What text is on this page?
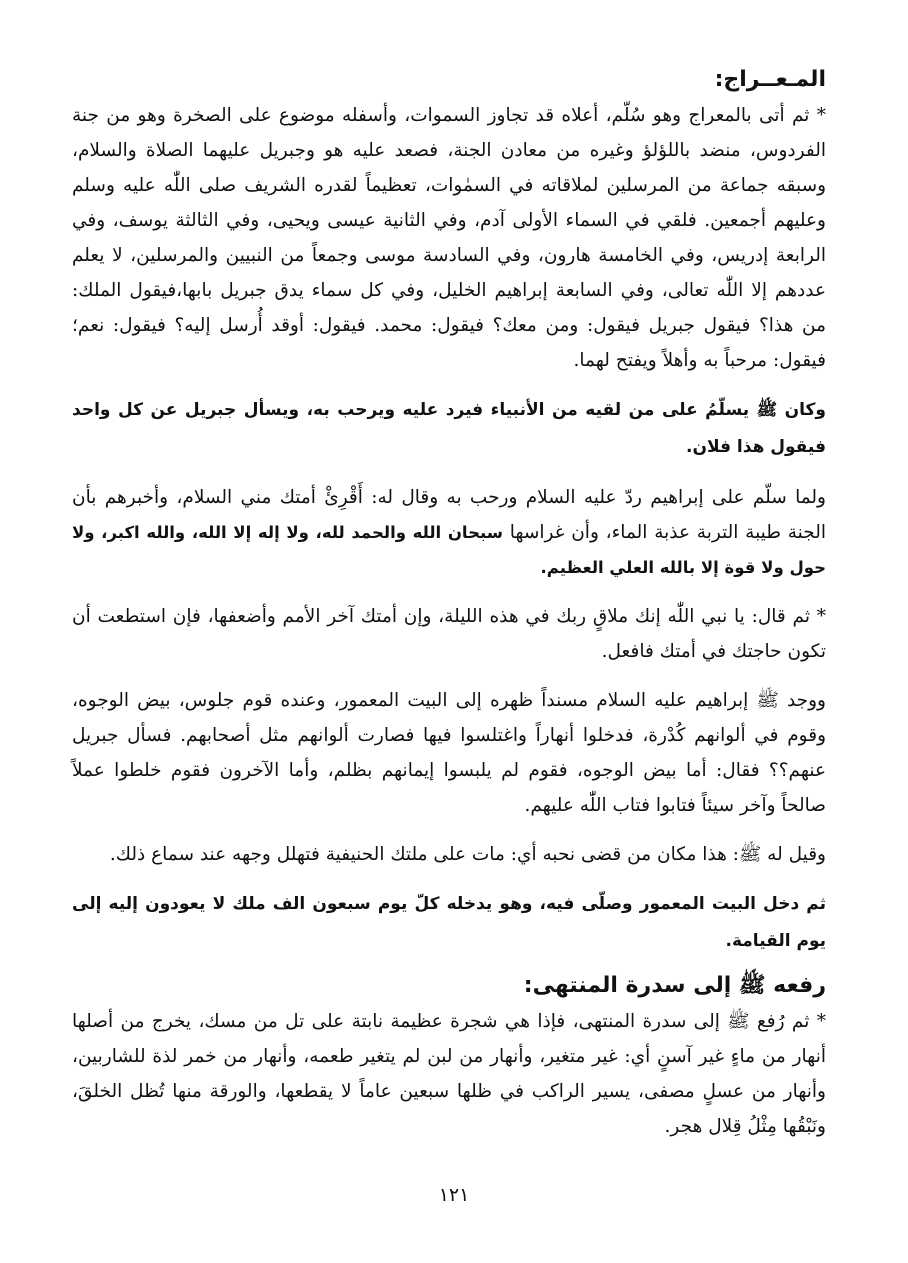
المـعــراج:

* ثم أتى بالمعراج وهو سُلّم، أعلاه قد تجاوز السموات، وأسفله موضوع على الصخرة وهو من جنة الفردوس، منضد باللؤلؤ وغيره من معادن الجنة، فصعد عليه هو وجبريل عليهما الصلاة والسلام، وسبقه جماعة من المرسلين لملاقاته في السمٰوات، تعظيماً لقدره الشريف صلى اللّٰه عليه وسلم وعليهم أجمعين. فلقي في السماء الأولى آدم، وفي الثانية عيسى ويحيى، وفي الثالثة يوسف، وفي الرابعة إدريس، وفي الخامسة هارون، وفي السادسة موسى وجمعاً من النبيين والمرسلين، لا يعلم عددهم إلا اللّٰه تعالى، وفي السابعة إبراهيم الخليل، وفي كل سماء يدق جبريل بابها،فيقول الملك: من هذا؟ فيقول جبريل فيقول: ومن معك؟ فيقول: محمد. فيقول: أوقد أُرسل إليه؟ فيقول: نعم؛ فيقول: مرحباً به وأهلاً ويفتح لهما.

وكان ﷺ يسلّمُ على من لقيه من الأنبياء فيرد عليه ويرحب به، ويسأل جبريل عن كل واحد فيقول هذا فلان.

ولما سلّم على إبراهيم ردّ عليه السلام ورحب به وقال له: أَقْرِئْ أمتك مني السلام، وأخبرهم بأن الجنة طيبة التربة عذبة الماء، وأن غراسها سبحان الله والحمد لله، ولا إله إلا الله، والله اكبر، ولا حول ولا قوة إلا بالله العلي العظيم.

* ثم قال: يا نبي اللّٰه إنك ملاقٍ ربك في هذه الليلة، وإن أمتك آخر الأمم وأضعفها، فإن استطعت أن تكون حاجتك في أمتك فافعل.

ووجد ﷺ إبراهيم عليه السلام مسنداً ظهره إلى البيت المعمور، وعنده قوم جلوس، بيض الوجوه، وقوم في ألوانهم كُدْرة، فدخلوا أنهاراً واغتلسوا فيها فصارت ألوانهم مثل أصحابهم. فسأل جبريل عنهم؟؟ فقال: أما بيض الوجوه، فقوم لم يلبسوا إيمانهم بظلم، وأما الآخرون فقوم خلطوا عملاً صالحاً وآخر سيئاً فتابوا فتاب اللّٰه عليهم.

وقيل له ﷺ: هذا مكان من قضى نحبه أي: مات على ملتك الحنيفية فتهلل وجهه عند سماع ذلك.

ثم دخل البيت المعمور وصلّى فيه، وهو يدخله كلّ يوم سبعون الف ملك لا يعودون إليه إلى يوم القيامة.

رفعه ﷺ إلى سدرة المنتهى:

* ثم رُفع ﷺ إلى سدرة المنتهى، فإذا هي شجرة عظيمة نابتة على تل من مسك، يخرج من أصلها أنهار من ماءٍ غير آسنٍ أي: غير متغير، وأنهار من لبن لم يتغير طعمه، وأنهار من خمر لذة للشاربين، وأنهار من عسلٍ مصفى، يسير الراكب في ظلها سبعين عاماً لا يقطعها، والورقة منها تُظل الخلقَ، ونَبْقُها مِثْلُ قِلال هجر.

١٢١
